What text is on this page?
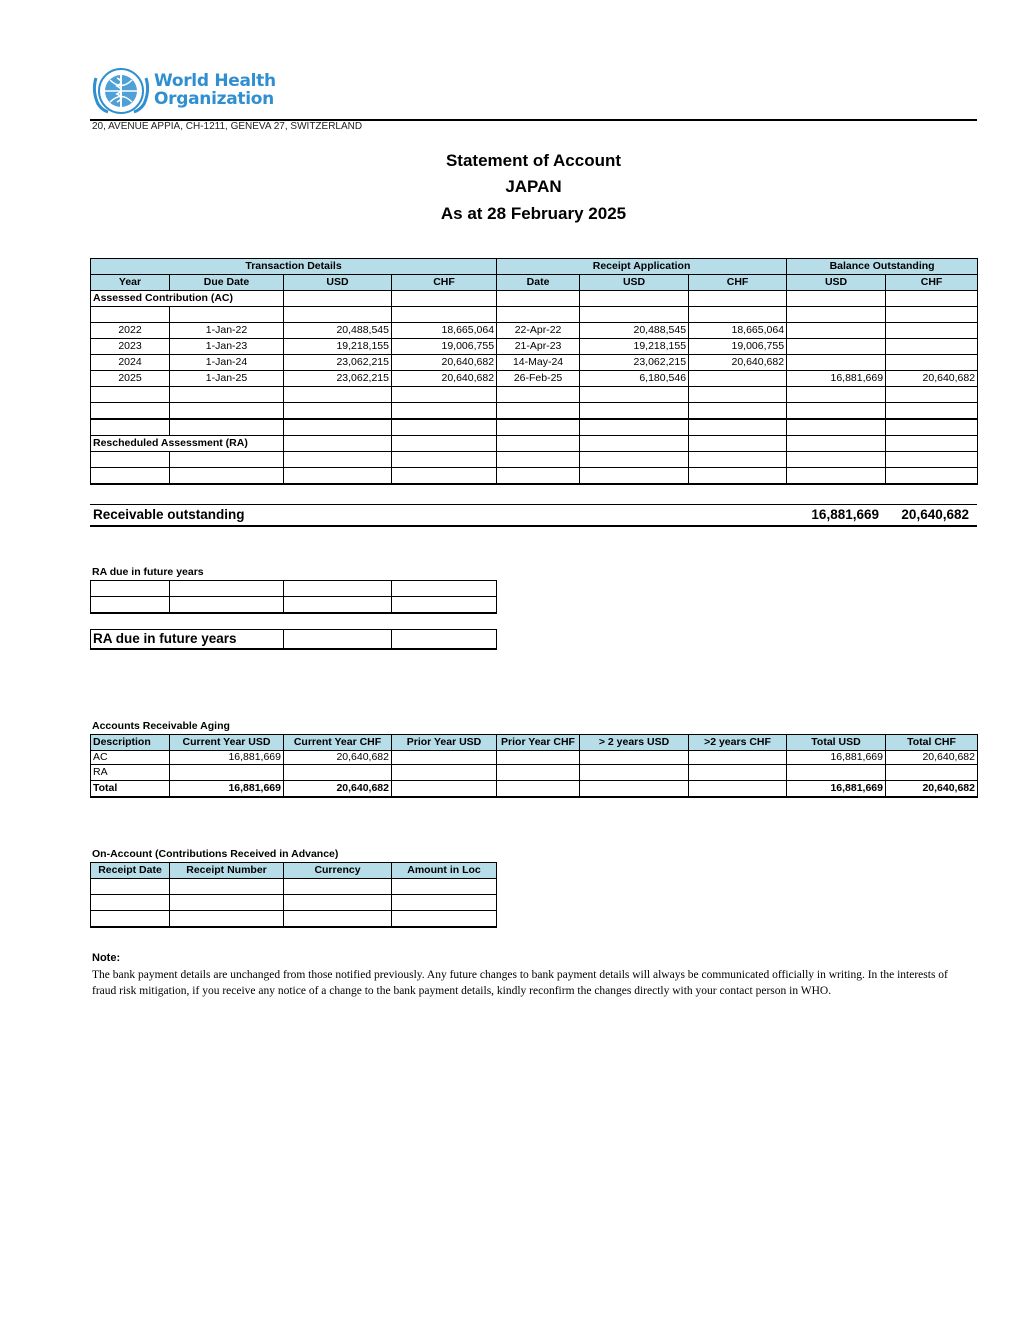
World Health
Organization
20, AVENUE APPIA, CH-1211, GENEVA 27, SWITZERLAND
Statement of Account
JAPAN
As at 28 February 2025
Transaction Details				Receipt Application			Balance Outstanding	
Year	Due Date	USD	CHF	Date	USD	CHF	USD	CHF
Assessed Contribution (AC)								

2022	1-Jan-22	20,488,545	18,665,064	22-Apr-22	20,488,545	18,665,064		
2023	1-Jan-23	19,218,155	19,006,755	21-Apr-23	19,218,155	19,006,755		
2024	1-Jan-24	23,062,215	20,640,682	14-May-24	23,062,215	20,640,682		
2025	1-Jan-25	23,062,215	20,640,682	26-Feb-25	6,180,546		16,881,669	20,640,682

Rescheduled Assessment (RA)								

Receivable outstanding	16,881,669 20,640,682
RA due in future years

RA due in future years		
Accounts Receivable Aging
Description	Current Year USD	Current Year CHF	Prior Year USD	Prior Year CHF	> 2 years USD	>2 years CHF	Total USD	Total CHF
AC	16,881,669	20,640,682					16,881,669	20,640,682
RA								
Total	16,881,669	20,640,682					16,881,669	20,640,682
On-Account (Contributions Received in Advance)
Receipt Date	Receipt Number	Currency	Amount in Loc

Note:
The bank payment details are unchanged from those notified previously. Any future changes to bank payment details will always be communicated officially in writing. In the interests of fraud risk mitigation, if you receive any notice of a change to the bank payment details, kindly reconfirm the changes directly with your contact person in WHO.
